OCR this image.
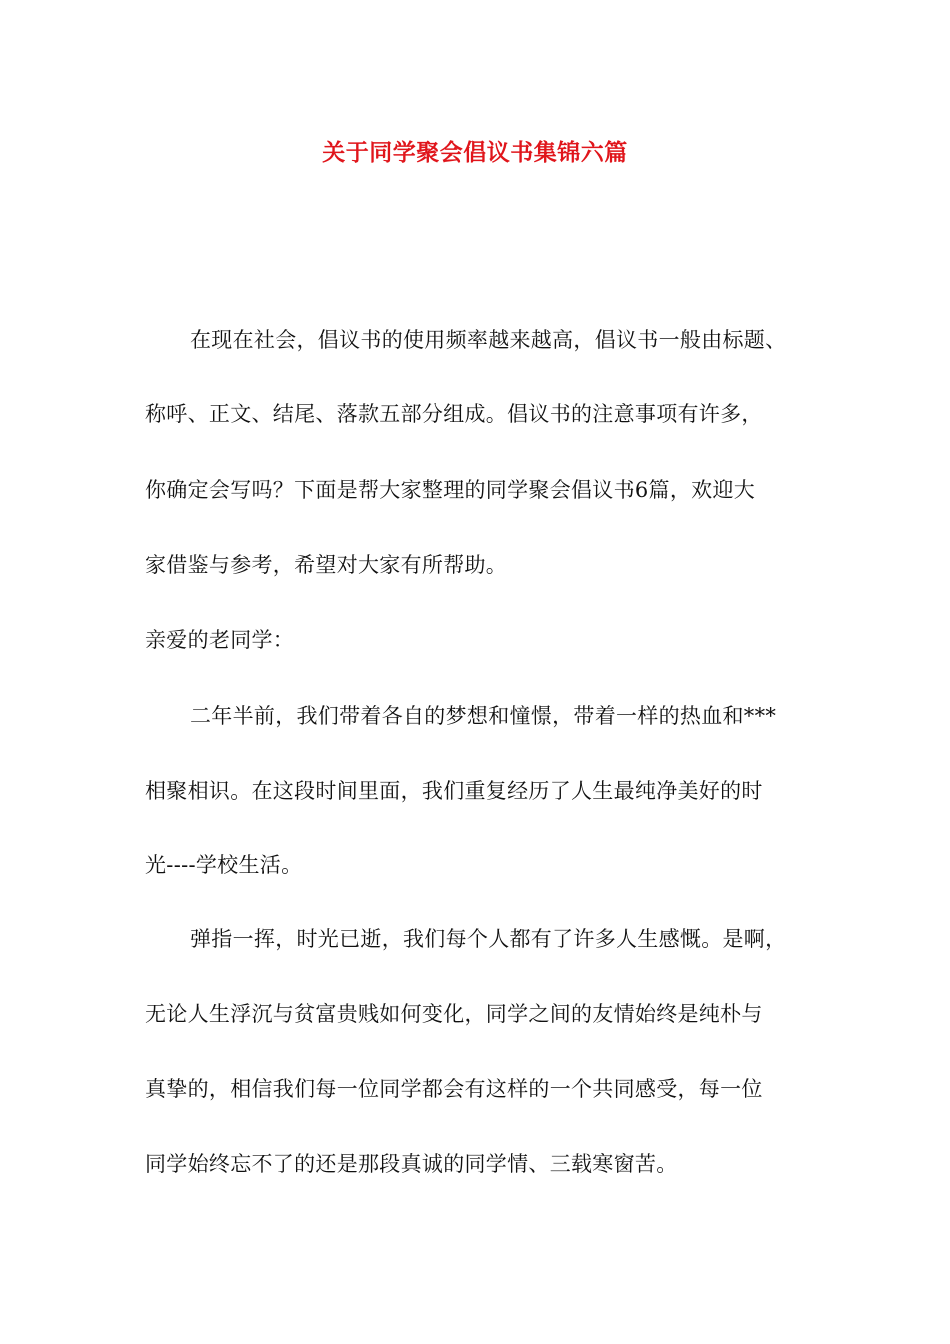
关于同学聚会倡议书集锦六篇
在现在社会，倡议书的使用频率越来越高，倡议书一般由标题、
称呼、正文、结尾、落款五部分组成。倡议书的注意事项有许多，
你确定会写吗？下面是帮大家整理的同学聚会倡议书6篇，欢迎大
家借鉴与参考，希望对大家有所帮助。
亲爱的老同学：
二年半前，我们带着各自的梦想和憧憬，带着一样的热血和***
相聚相识。在这段时间里面，我们重复经历了人生最纯净美好的时
光----学校生活。
弹指一挥，时光已逝，我们每个人都有了许多人生感慨。是啊，
无论人生浮沉与贫富贵贱如何变化，同学之间的友情始终是纯朴与
真挚的，相信我们每一位同学都会有这样的一个共同感受，每一位
同学始终忘不了的还是那段真诚的同学情、三载寒窗苦。
